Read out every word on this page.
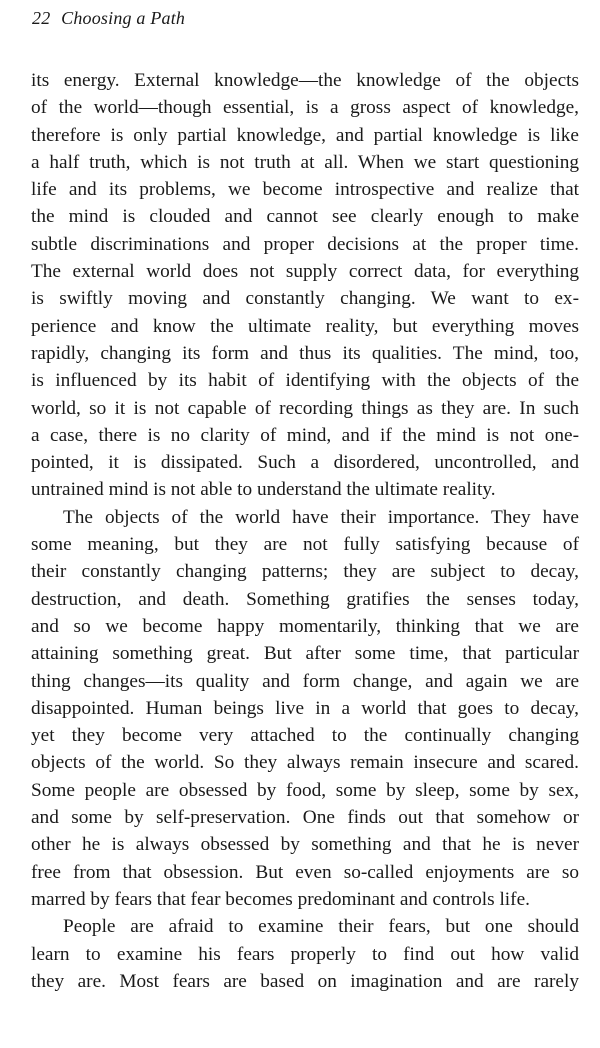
22 Choosing a Path
its energy. External knowledge—the knowledge of the objects
of the world—though essential, is a gross aspect of knowledge,
therefore is only partial knowledge, and partial knowledge is like
a half truth, which is not truth at all. When we start questioning
life and its problems, we become introspective and realize that
the mind is clouded and cannot see clearly enough to make
subtle discriminations and proper decisions at the proper time.
The external world does not supply correct data, for everything
is swiftly moving and constantly changing. We want to ex-
perience and know the ultimate reality, but everything moves
rapidly, changing its form and thus its qualities. The mind, too,
is influenced by its habit of identifying with the objects of the
world, so it is not capable of recording things as they are. In such
a case, there is no clarity of mind, and if the mind is not one-
pointed, it is dissipated. Such a disordered, uncontrolled, and
untrained mind is not able to understand the ultimate reality.
The objects of the world have their importance. They have
some meaning, but they are not fully satisfying because of
their constantly changing patterns; they are subject to decay,
destruction, and death. Something gratifies the senses today,
and so we become happy momentarily, thinking that we are
attaining something great. But after some time, that particular
thing changes—its quality and form change, and again we are
disappointed. Human beings live in a world that goes to decay,
yet they become very attached to the continually changing
objects of the world. So they always remain insecure and scared.
Some people are obsessed by food, some by sleep, some by sex,
and some by self-preservation. One finds out that somehow or
other he is always obsessed by something and that he is never
free from that obsession. But even so-called enjoyments are so
marred by fears that fear becomes predominant and controls life.
People are afraid to examine their fears, but one should
learn to examine his fears properly to find out how valid
they are. Most fears are based on imagination and are rarely
